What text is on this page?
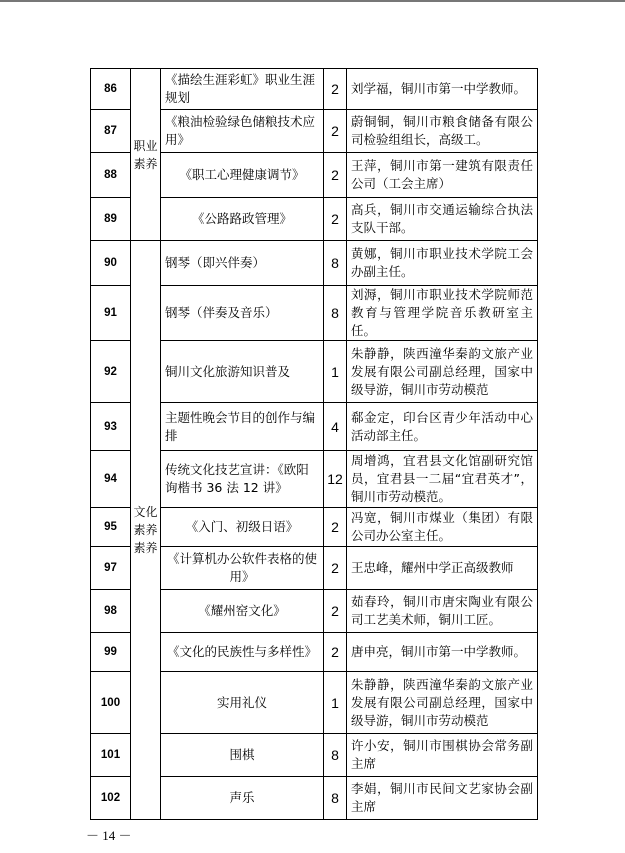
86	职业素养	《描绘生涯彩虹》职业生涯规划	2	刘学福，铜川市第一中学教师。
87		《粮油检验绿色储粮技术应用》	2	蔚铜铜，铜川市粮食储备有限公司检验组组长，高级工。
88		《职工心理健康调节》	2	王萍，铜川市第一建筑有限责任公司（工会主席）
89		《公路路政管理》	2	高兵，铜川市交通运输综合执法支队干部。
90	文化素养素养	钢琴（即兴伴奏）	8	黄娜，铜川市职业技术学院工会办副主任。
91		钢琴（伴奏及音乐）	8	刘溽，铜川市职业技术学院师范教育与管理学院音乐教研室主任。
92		铜川文化旅游知识普及	1	朱静静，陕西潼华秦韵文旅产业发展有限公司副总经理，国家中级导游，铜川市劳动模范
93		主题性晚会节目的创作与编排	4	郗金定，印台区青少年活动中心活动部主任。
94		传统文化技艺宣讲：《欧阳询楷书 36 法 12 讲》	12	周增鸿，宜君县文化馆副研究馆员，宜君县一二届“宜君英才”，铜川市劳动模范。
95		《入门、初级日语》	2	冯宽，铜川市煤业（集团）有限公司办公室主任。
97		《计算机办公软件表格的使用》	2	王忠峰，耀州中学正高级教师
98		《耀州窑文化》	2	茹春玲，铜川市唐宋陶业有限公司工艺美术师，铜川工匠。
99		《文化的民族性与多样性》	2	唐申亮，铜川市第一中学教师。
100		实用礼仪	1	朱静静，陕西潼华秦韵文旅产业发展有限公司副总经理，国家中级导游，铜川市劳动模范
101		围棋	8	许小安，铜川市围棋协会常务副主席
102		声乐	8	李娟，铜川市民间文艺家协会副主席
－ 14 －
